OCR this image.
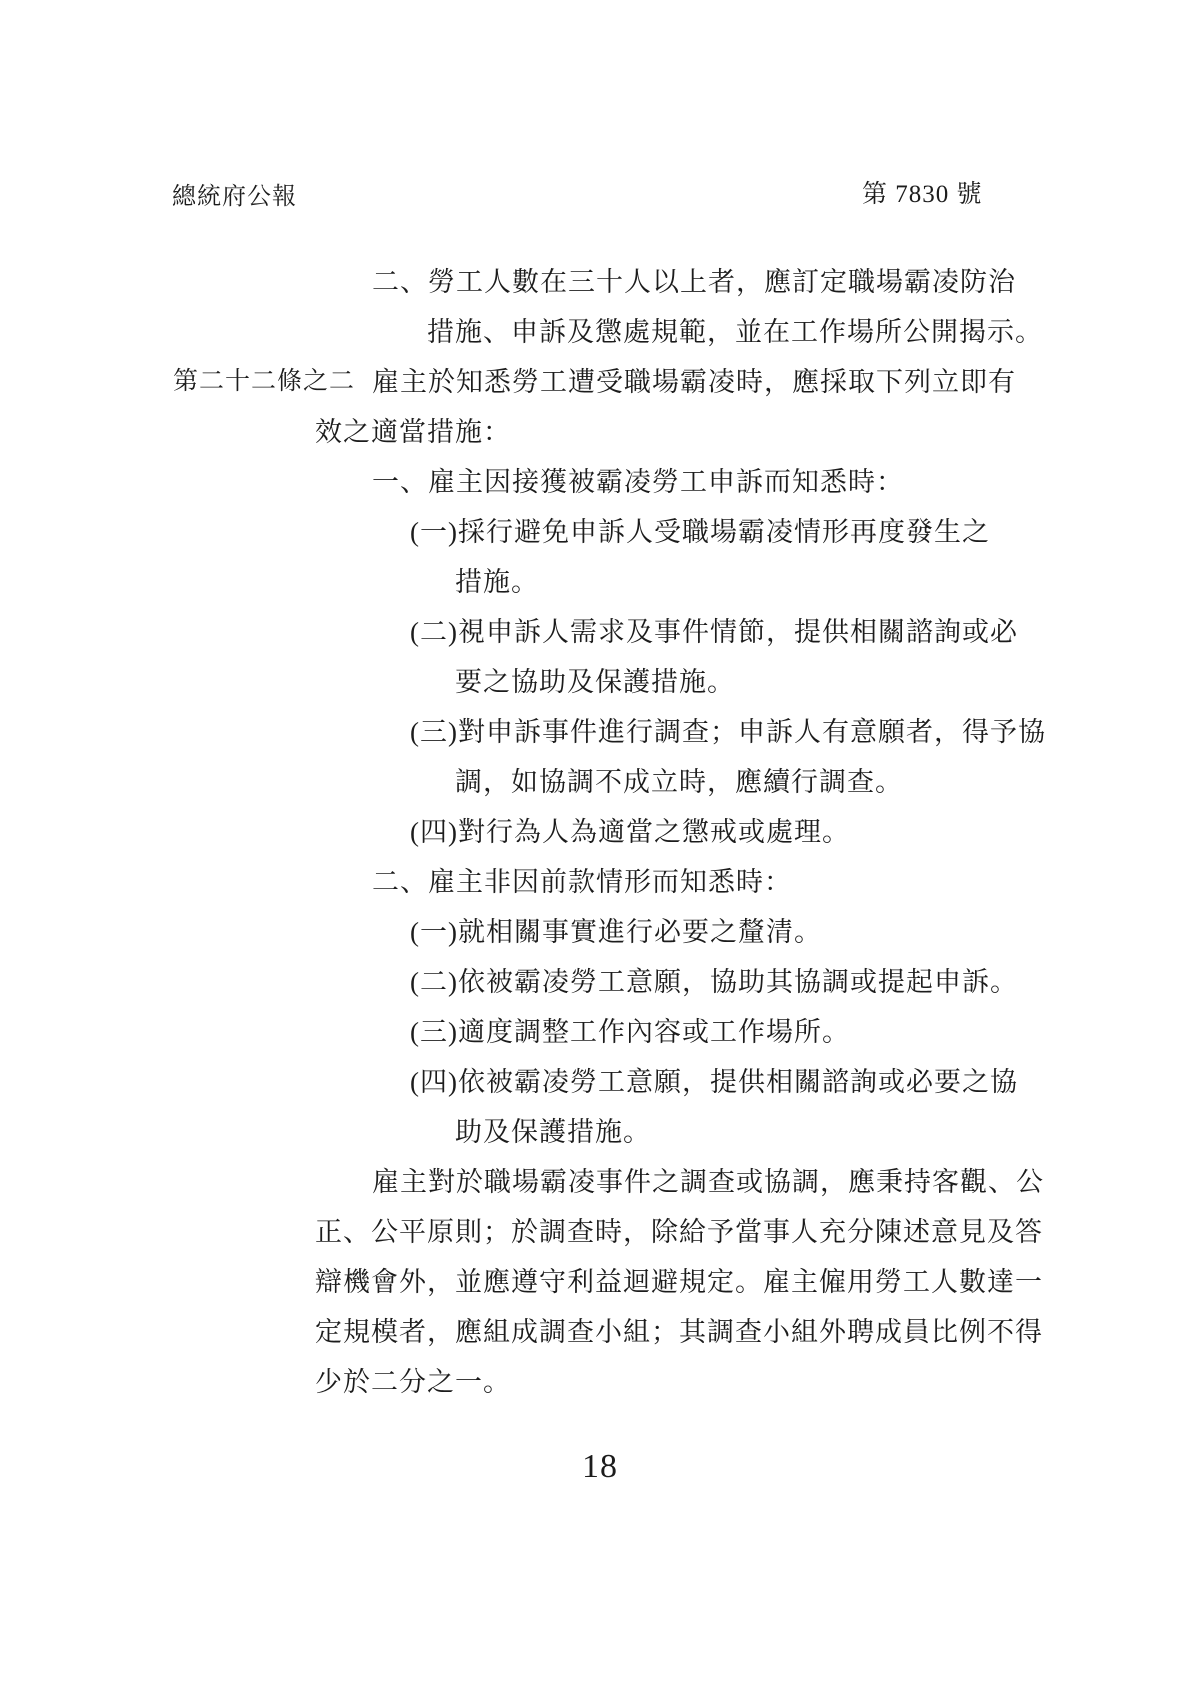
總統府公報	第 7830 號
二、勞工人數在三十人以上者，應訂定職場霸凌防治
措施、申訴及懲處規範，並在工作場所公開揭示。
第二十二條之二 雇主於知悉勞工遭受職場霸凌時，應採取下列立即有
效之適當措施：
一、雇主因接獲被霸凌勞工申訴而知悉時：
(一)採行避免申訴人受職場霸凌情形再度發生之
措施。
(二)視申訴人需求及事件情節，提供相關諮詢或必
要之協助及保護措施。
(三)對申訴事件進行調查；申訴人有意願者，得予協
調，如協調不成立時，應續行調查。
(四)對行為人為適當之懲戒或處理。
二、雇主非因前款情形而知悉時：
(一)就相關事實進行必要之釐清。
(二)依被霸凌勞工意願，協助其協調或提起申訴。
(三)適度調整工作內容或工作場所。
(四)依被霸凌勞工意願，提供相關諮詢或必要之協
助及保護措施。
雇主對於職場霸凌事件之調查或協調，應秉持客觀、公
正、公平原則；於調查時，除給予當事人充分陳述意見及答
辯機會外，並應遵守利益迴避規定。雇主僱用勞工人數達一
定規模者，應組成調查小組；其調查小組外聘成員比例不得
少於二分之一。
18
